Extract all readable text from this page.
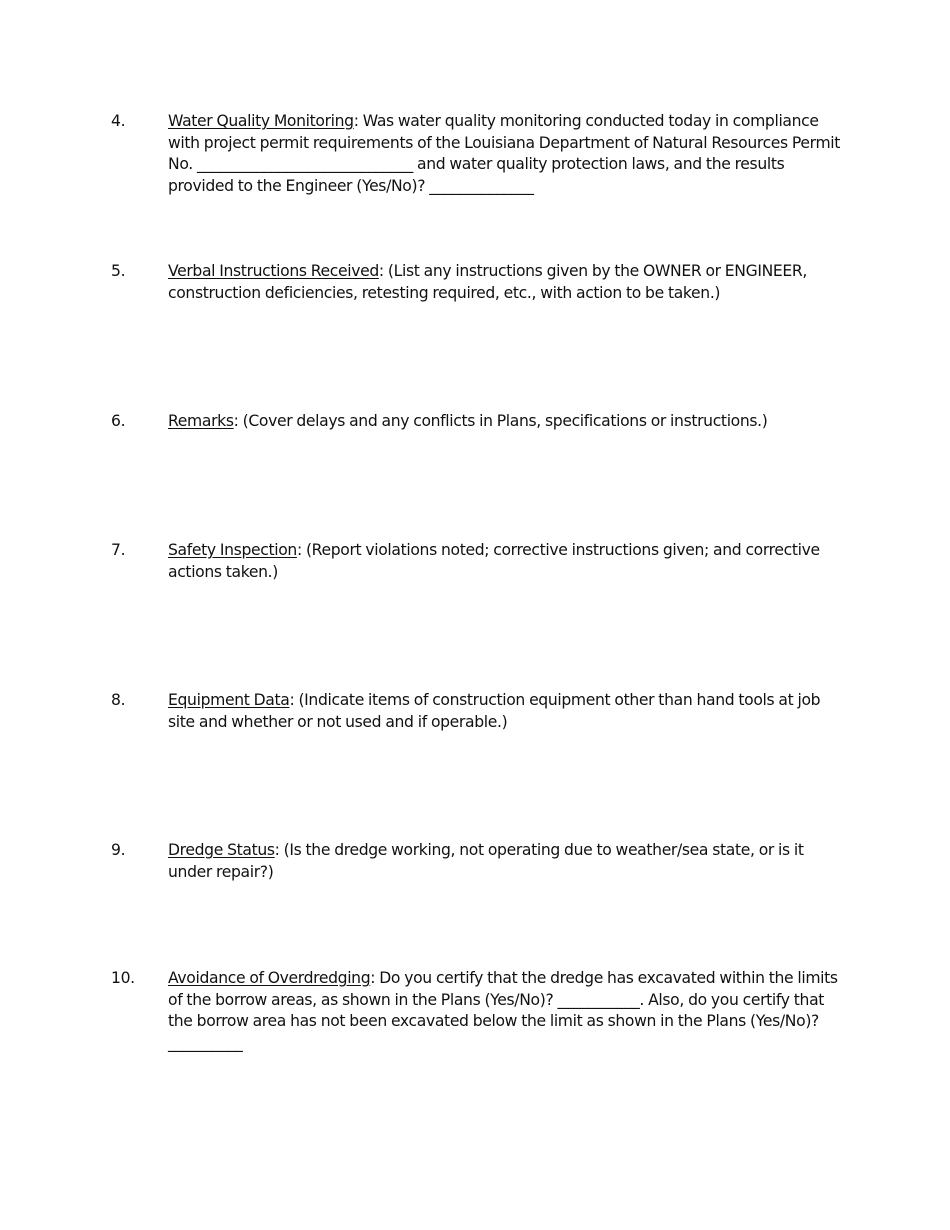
4.	Water Quality Monitoring: Was water quality monitoring conducted today in compliance with project permit requirements of the Louisiana Department of Natural Resources Permit No. _____________________________ and water quality protection laws, and the results provided to the Engineer (Yes/No)? ______________
5.	Verbal Instructions Received: (List any instructions given by the OWNER or ENGINEER, construction deficiencies, retesting required, etc., with action to be taken.)
6.	Remarks: (Cover delays and any conflicts in Plans, specifications or instructions.)
7.	Safety Inspection: (Report violations noted; corrective instructions given; and corrective actions taken.)
8.	Equipment Data: (Indicate items of construction equipment other than hand tools at job site and whether or not used and if operable.)
9.	Dredge Status: (Is the dredge working, not operating due to weather/sea state, or is it under repair?)
10. Avoidance of Overdredging: Do you certify that the dredge has excavated within the limits of the borrow areas, as shown in the Plans (Yes/No)? ___________. Also, do you certify that the borrow area has not been excavated below the limit as shown in the Plans (Yes/No)? __________
